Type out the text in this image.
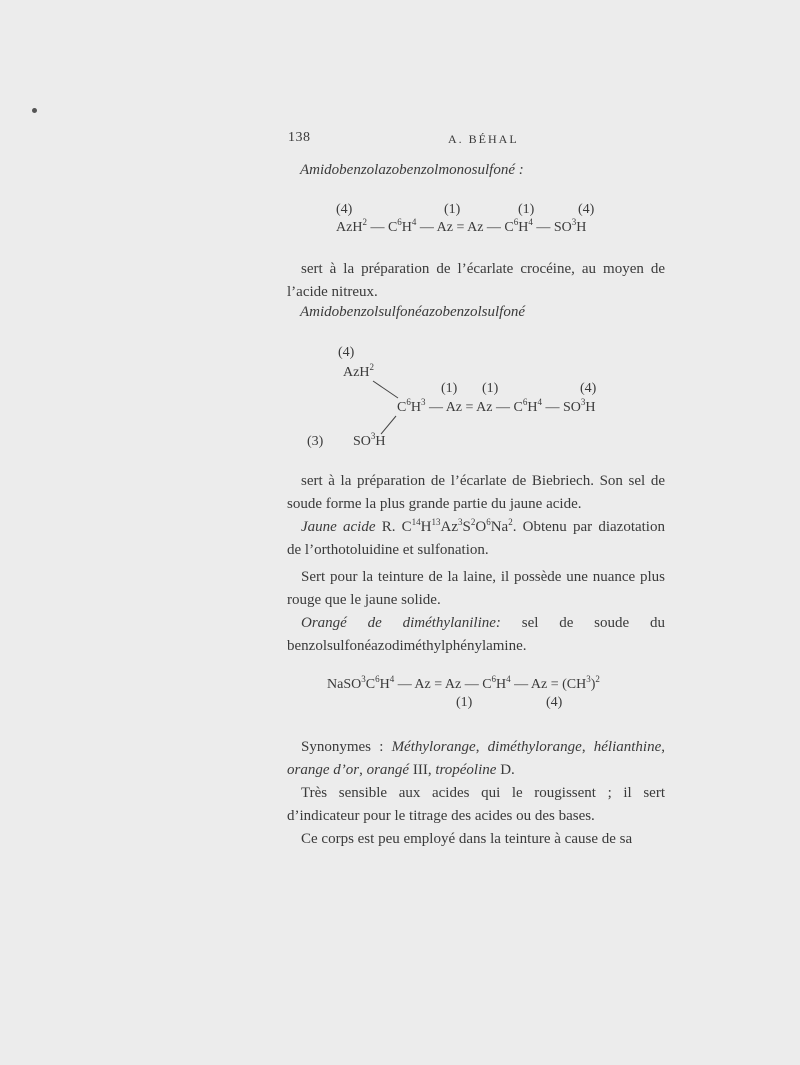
138	A. BÉHAL
Amidobenzolazobenzolmonosulfoné :
(4)	(1)	(1)	(4)
AzH$^2$ — $C^6H^4$ — Az = Az — $C^6H^4$ — $SO^3H$
sert à la préparation de l’écarlate crocéine, au moyen de l’acide nitreux.
Amidobenzolsulfonéazobenzolsulfoné
(4)
AzH$^2$
(1) (1)	(4)
$C^6H^3$ — Az = Az — $C^6H^4$ — $SO^3H$
(3) $SO^3H$
sert à la préparation de l’écarlate de Biebriech. Son sel de soude forme la plus grande partie du jaune acide.
Jaune acide R. $C^{14}H^{13}Az^3S^2O^6Na^2$. Obtenu par diazotation de l’orthotoluidine et sulfonation.
Sert pour la teinture de la laine, il possède une nuance plus rouge que le jaune solide.
Orangé de diméthylaniline: sel de soude du benzolsulfonéazodiméthylphénylamine.
$NaSO^3C^6H^4$ — Az = Az — $C^6H^4$ — $Az = (CH^3)^2$
(1)	(4)
Synonymes : Méthylorange, diméthylorange, hélianthine, orange d’or, orangé III, tropéoline D.
Très sensible aux acides qui le rougissent ; il sert d’indicateur pour le titrage des acides ou des bases.
Ce corps est peu employé dans la teinture à cause de sa
